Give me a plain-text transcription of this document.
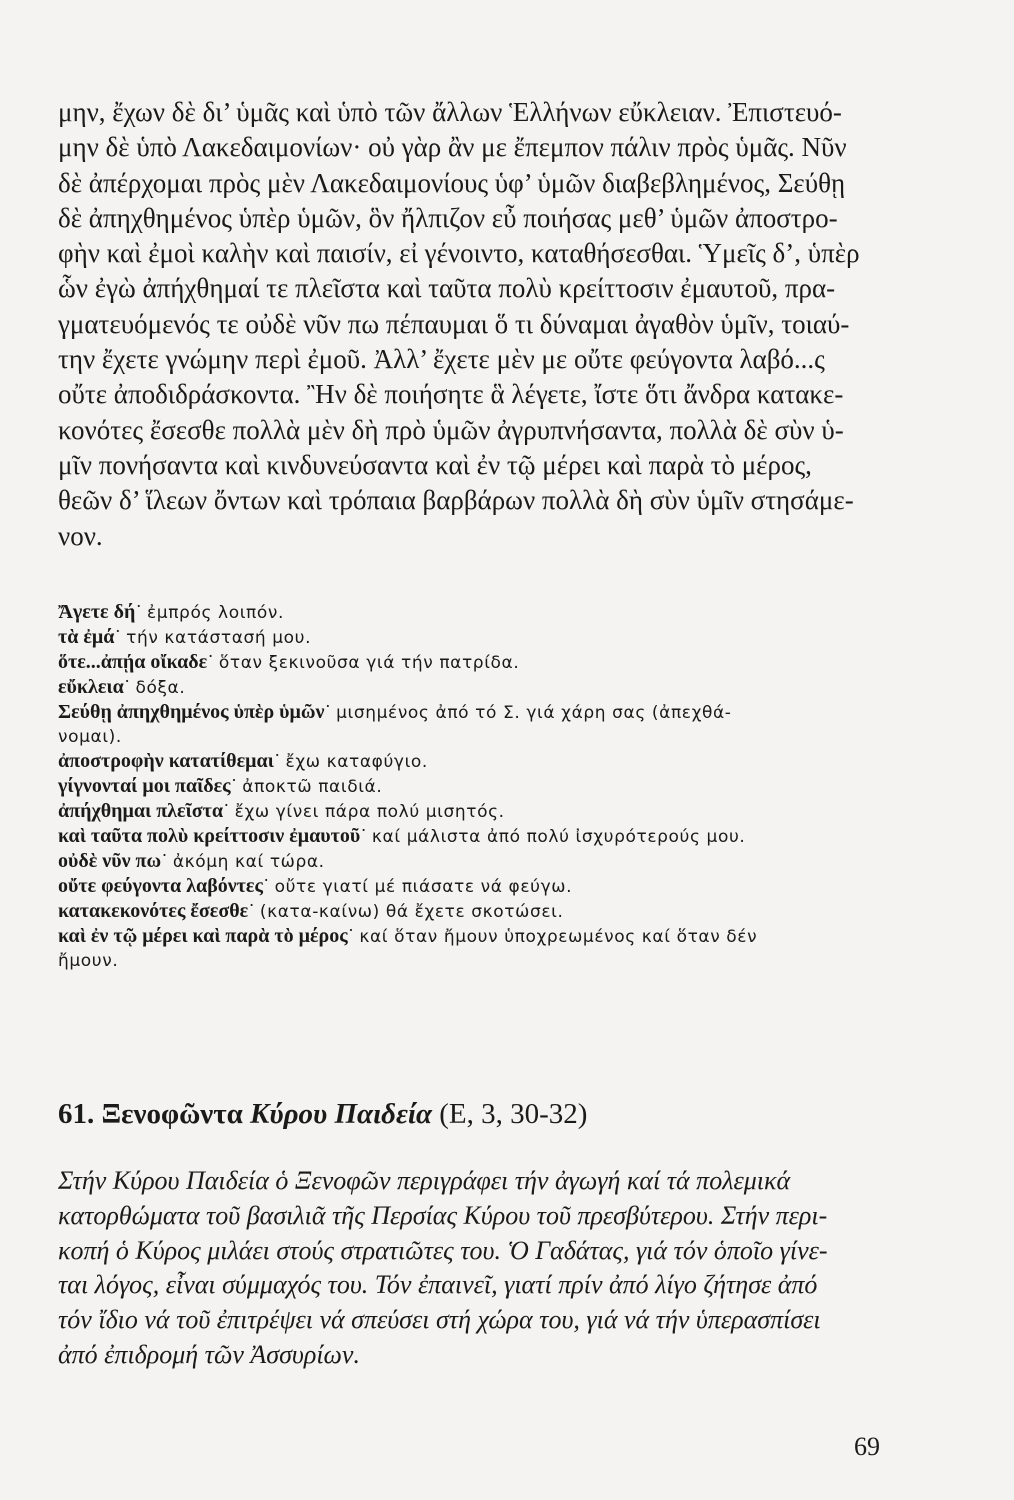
μην, ἔχων δὲ δι’ ὑμᾶς καὶ ὑπὸ τῶν ἄλλων Ἑλλήνων εὔκλειαν. Ἐπιστευό-
μην δὲ ὑπὸ Λακεδαιμονίων· οὐ γὰρ ἂν με ἔπεμπον πάλιν πρὸς ὑμᾶς. Νῦν
δὲ ἀπέρχομαι πρὸς μὲν Λακεδαιμονίους ὑφ’ ὑμῶν διαβεβλημένος, Σεύθῃ
δὲ ἀπηχθημένος ὑπὲρ ὑμῶν, ὃν ἤλπιζον εὖ ποιήσας μεθ’ ὑμῶν ἀποστρο-
φὴν καὶ ἐμοὶ καλὴν καὶ παισίν, εἰ γένοιντο, καταθήσεσθαι. Ὑμεῖς δ’, ὑπὲρ
ὧν ἐγὼ ἀπήχθημαί τε πλεῖστα καὶ ταῦτα πολὺ κρείττοσιν ἐμαυτοῦ, πρα-
γματευόμενός τε οὐδὲ νῦν πω πέπαυμαι ὅ τι δύναμαι ἀγαθὸν ὑμῖν, τοιαύ-
την ἔχετε γνώμην περὶ ἐμοῦ. Ἀλλ’ ἔχετε μὲν με οὔτε φεύγοντα λαβό...ς
οὔτε ἀποδιδράσκοντα. Ἢν δὲ ποιήσητε ἃ λέγετε, ἴστε ὅτι ἄνδρα κατακε-
κονότες ἔσεσθε πολλὰ μὲν δὴ πρὸ ὑμῶν ἀγρυπνήσαντα, πολλὰ δὲ σὺν ὑ-
μῖν πονήσαντα καὶ κινδυνεύσαντα καὶ ἐν τῷ μέρει καὶ παρὰ τὸ μέρος,
θεῶν δ’ ἵλεων ὄντων καὶ τρόπαια βαρβάρων πολλὰ δὴ σὺν ὑμῖν στησάμε-
νον.
Ἄγετε δή˙ ἐμπρός λοιπόν.
τὰ ἐμά˙ τήν κατάστασή μου.
ὅτε...ἀπῄα οἴκαδε˙ ὅταν ξεκινοῦσα γιά τήν πατρίδα.
εὔκλεια˙ δόξα.
Σεύθῃ ἀπηχθημένος ὑπὲρ ὑμῶν˙ μισημένος ἀπό τό Σ. γιά χάρη σας (ἀπεχθά-
νομαι).
ἀποστροφὴν κατατίθεμαι˙ ἔχω καταφύγιο.
γίγνονταί μοι παῖδες˙ ἀποκτῶ παιδιά.
ἀπήχθημαι πλεῖστα˙ ἔχω γίνει πάρα πολύ μισητός.
καὶ ταῦτα πολὺ κρείττοσιν ἐμαυτοῦ˙ καί μάλιστα ἀπό πολύ ἰσχυρότερούς μου.
οὐδὲ νῦν πω˙ ἀκόμη καί τώρα.
οὔτε φεύγοντα λαβόντες˙ οὔτε γιατί μέ πιάσατε νά φεύγω.
κατακεκονότες ἔσεσθε˙ (κατα-καίνω) θά ἔχετε σκοτώσει.
καὶ ἐν τῷ μέρει καὶ παρὰ τὸ μέρος˙ καί ὅταν ἤμουν ὑποχρεωμένος καί ὅταν δέν
ἤμουν.
61. Ξενοφῶντα Κύρου Παιδεία (Ε, 3, 30-32)
Στήν Κύρου Παιδεία ὁ Ξενοφῶν περιγράφει τήν ἀγωγή καί τά πολεμικά
κατορθώματα τοῦ βασιλιᾶ τῆς Περσίας Κύρου τοῦ πρεσβύτερου. Στήν περι-
κοπή ὁ Κύρος μιλάει στούς στρατιῶτες του. Ὁ Γαδάτας, γιά τόν ὁποῖο γίνε-
ται λόγος, εἶναι σύμμαχός του. Τόν ἐπαινεῖ, γιατί πρίν ἀπό λίγο ζήτησε ἀπό
τόν ἴδιο νά τοῦ ἐπιτρέψει νά σπεύσει στή χώρα του, γιά νά τήν ὑπερασπίσει
ἀπό ἐπιδρομή τῶν Ἀσσυρίων.
69
